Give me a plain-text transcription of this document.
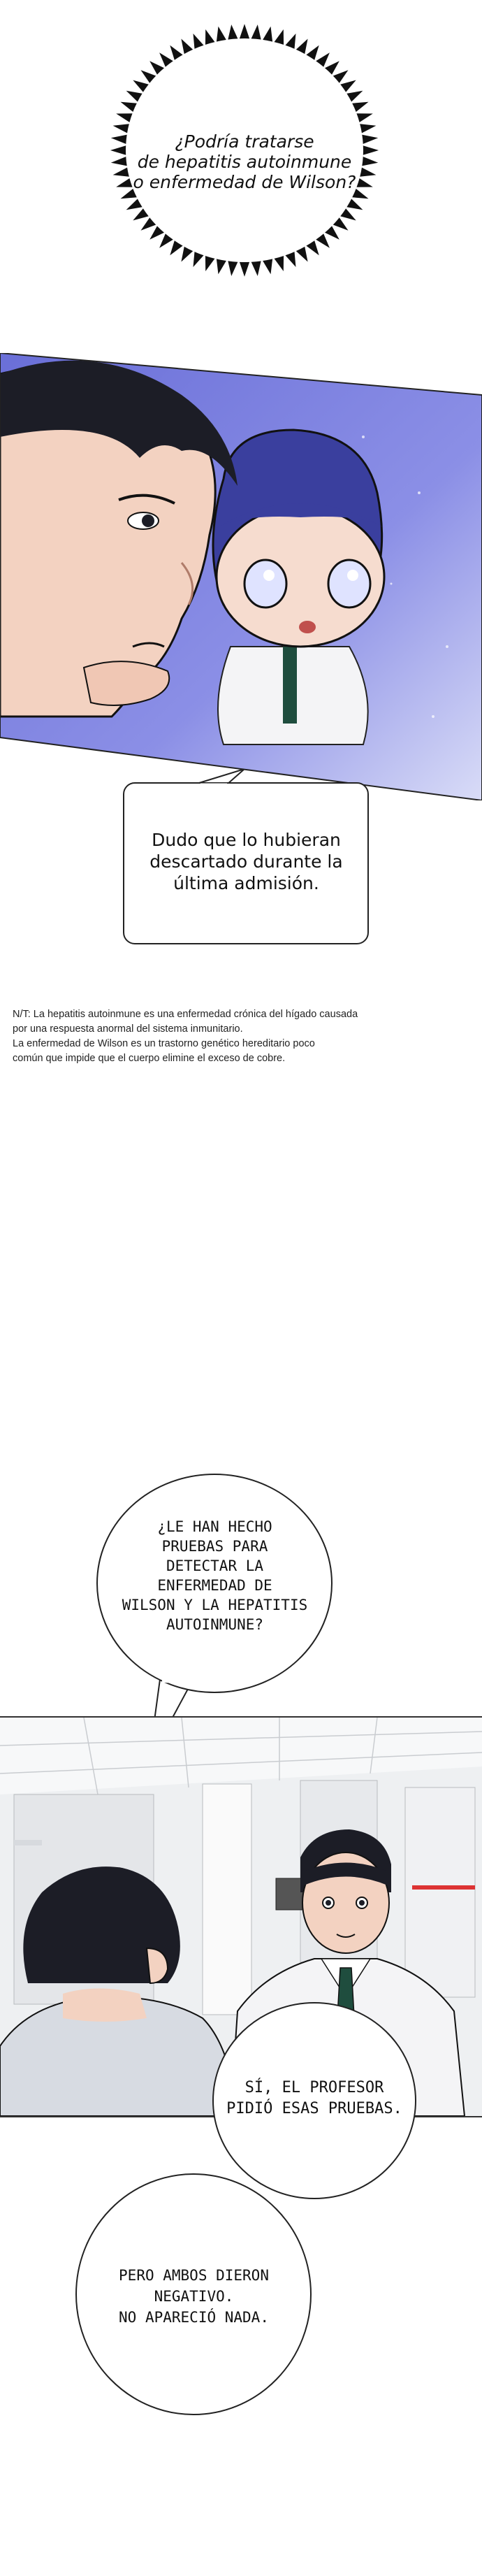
¿Podría tratarse
de hepatitis autoinmune
o enfermedad de Wilson?
Dudo que lo hubieran
descartado durante la
última admisión.
N/T: La hepatitis autoinmune es una enfermedad crónica del hígado causada
por una respuesta anormal del sistema inmunitario.
La enfermedad de Wilson es un trastorno genético hereditario poco
común que impide que el cuerpo elimine el exceso de cobre.
¿LE HAN HECHO
PRUEBAS PARA
DETECTAR LA
ENFERMEDAD DE
WILSON Y LA HEPATITIS
AUTOINMUNE?
SÍ, EL PROFESOR
PIDIÓ ESAS PRUEBAS.
PERO AMBOS DIERON
NEGATIVO.
NO APARECIÓ NADA.
